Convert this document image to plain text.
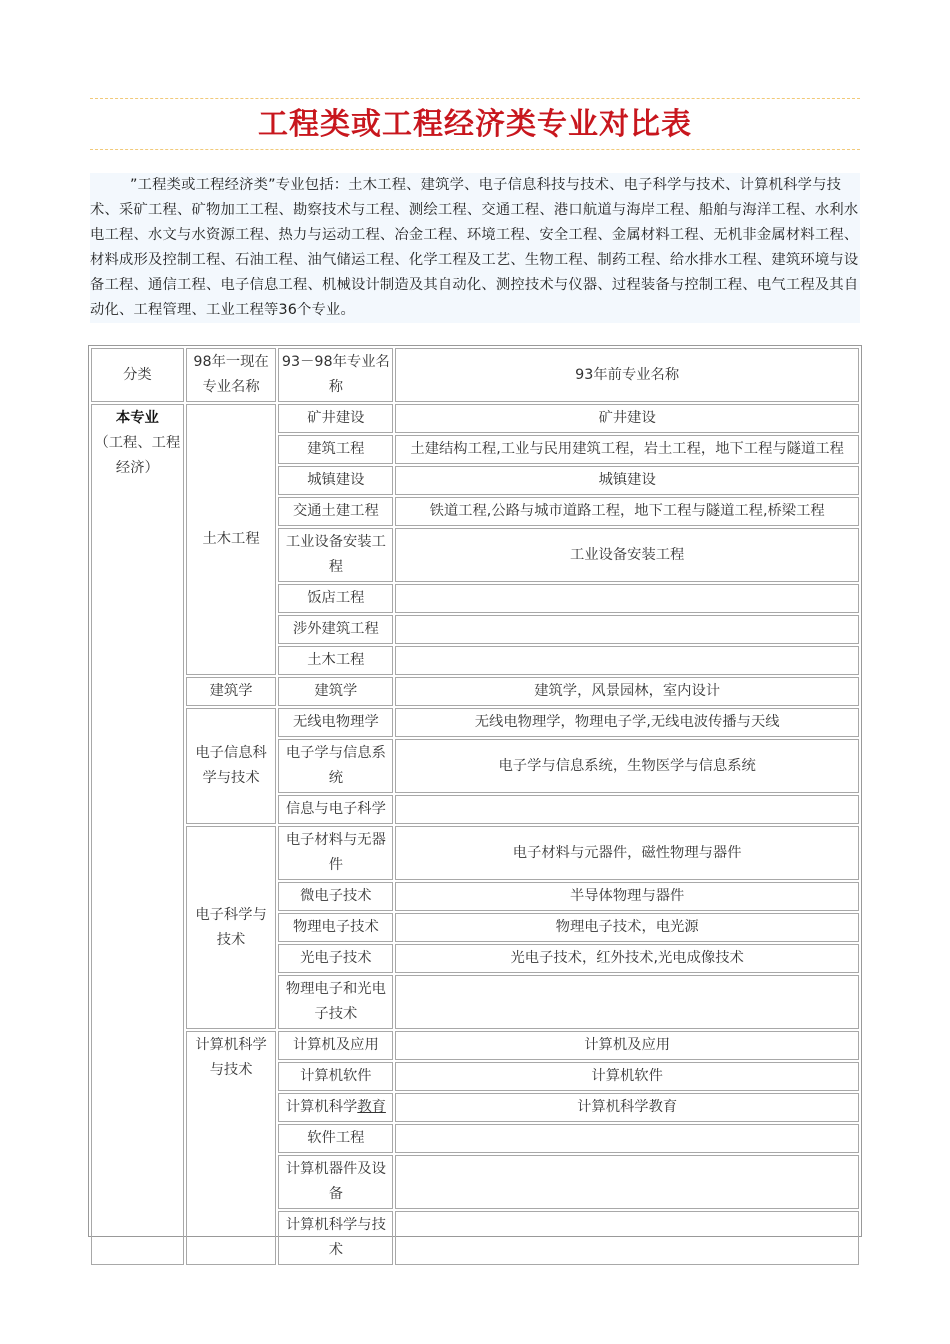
工程类或工程经济类专业对比表

”工程类或工程经济类”专业包括：土木工程、建筑学、电子信息科技与技术、电子科学与技术、计算机科学与技术、采矿工程、矿物加工工程、勘察技术与工程、测绘工程、交通工程、港口航道与海岸工程、船舶与海洋工程、水利水电工程、水文与水资源工程、热力与运动工程、冶金工程、环境工程、安全工程、金属材料工程、无机非金属材料工程、材料成形及控制工程、石油工程、油气储运工程、化学工程及工艺、生物工程、制药工程、给水排水工程、建筑环境与设备工程、通信工程、电子信息工程、机械设计制造及其自动化、测控技术与仪器、过程装备与控制工程、电气工程及其自动化、工程管理、工业工程等36个专业。

分类	98年一现在专业名称	93－98年专业名称	93年前专业名称

本专业
（工程、工程经济）	土木工程	矿井建设	矿井建设
		建筑工程	土建结构工程,工业与民用建筑工程，岩土工程，地下工程与隧道工程
		城镇建设	城镇建设
		交通土建工程	铁道工程,公路与城市道路工程，地下工程与隧道工程,桥梁工程
		工业设备安装工程	工业设备安装工程
		饭店工程	
		涉外建筑工程	
		土木工程	
	建筑学	建筑学	建筑学，风景园林，室内设计
	电子信息科学与技术	无线电物理学	无线电物理学，物理电子学,无线电波传播与天线
		电子学与信息系统	电子学与信息系统，生物医学与信息系统
		信息与电子科学	
	电子科学与技术	电子材料与无器件	电子材料与元器件，磁性物理与器件
		微电子技术	半导体物理与器件
		物理电子技术	物理电子技术，电光源
		光电子技术	光电子技术，红外技术,光电成像技术
		物理电子和光电子技术	
	计算机科学与技术	计算机及应用	计算机及应用
		计算机软件	计算机软件
		计算机科学教育	计算机科学教育
		软件工程	
		计算机器件及设备	
		计算机科学与技术	
